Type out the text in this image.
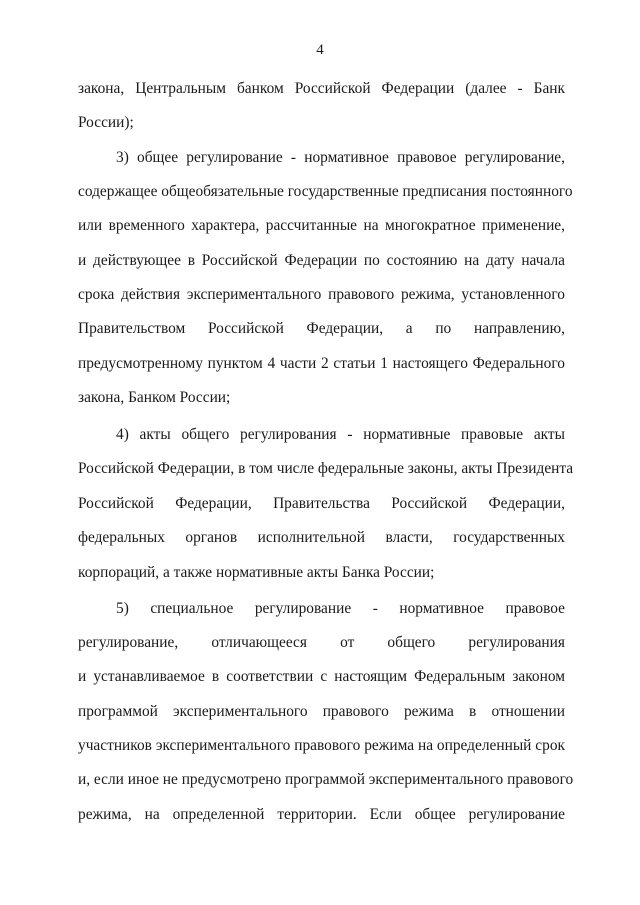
4
закона, Центральным банком Российской Федерации (далее - Банк
России);
3) общее регулирование - нормативное правовое регулирование,
содержащее общеобязательные государственные предписания постоянного
или временного характера, рассчитанные на многократное применение,
и действующее в Российской Федерации по состоянию на дату начала
срока действия экспериментального правового режима, установленного
Правительством Российской Федерации, а по направлению,
предусмотренному пунктом 4 части 2 статьи 1 настоящего Федерального
закона, Банком России;
4) акты общего регулирования - нормативные правовые акты
Российской Федерации, в том числе федеральные законы, акты Президента
Российской Федерации, Правительства Российской Федерации,
федеральных органов исполнительной власти, государственных
корпораций, а также нормативные акты Банка России;
5) специальное регулирование - нормативное правовое
регулирование, отличающееся от общего регулирования
и устанавливаемое в соответствии с настоящим Федеральным законом
программой экспериментального правового режима в отношении
участников экспериментального правового режима на определенный срок
и, если иное не предусмотрено программой экспериментального правового
режима, на определенной территории. Если общее регулирование
